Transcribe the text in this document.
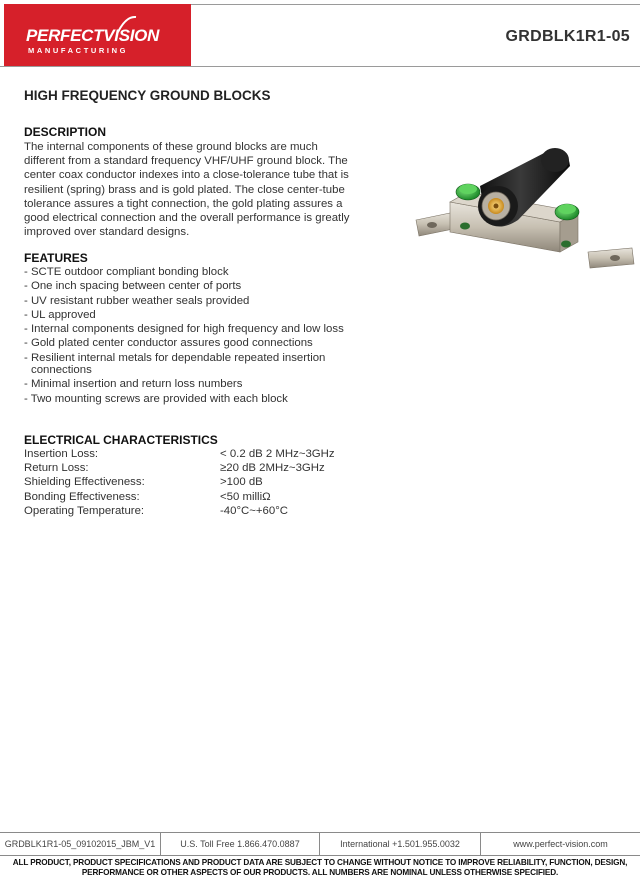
PERFECTVISION
MANUFACTURING
GRDBLK1R1-05
HIGH FREQUENCY GROUND BLOCKS
DESCRIPTION
The internal components of these ground blocks are much different from a standard frequency VHF/UHF ground block. The center coax conductor indexes into a close-tolerance tube that is resilient (spring) brass and is gold plated. The close center-tube tolerance assures a tight connection, the gold plating assures a good electrical connection and the overall performance is greatly improved over standard designs.
FEATURES
- SCTE outdoor compliant bonding block
- One inch spacing between center of ports
- UV resistant rubber weather seals provided
- UL approved
- Internal components designed for high frequency and low loss
- Gold plated center conductor assures good connections
- Resilient internal metals for dependable repeated insertion connections
- Minimal insertion and return loss numbers
- Two mounting screws are provided with each block
ELECTRICAL CHARACTERISTICS
Insertion Loss:	< 0.2 dB 2 MHz~3GHz
Return Loss:	≥20 dB 2MHz~3GHz
Shielding Effectiveness:	>100 dB
Bonding Effectiveness:	<50 milliΩ
Operating Temperature:	-40°C~+60°C
GRDBLK1R1-05_09102015_JBM_V1	U.S. Toll Free 1.866.470.0887	International +1.501.955.0032	www.perfect-vision.com
ALL PRODUCT, PRODUCT SPECIFICATIONS AND PRODUCT DATA ARE SUBJECT TO CHANGE WITHOUT NOTICE TO IMPROVE RELIABILITY, FUNCTION, DESIGN, PERFORMANCE OR OTHER ASPECTS OF OUR PRODUCTS. ALL NUMBERS ARE NOMINAL UNLESS OTHERWISE SPECIFIED.
